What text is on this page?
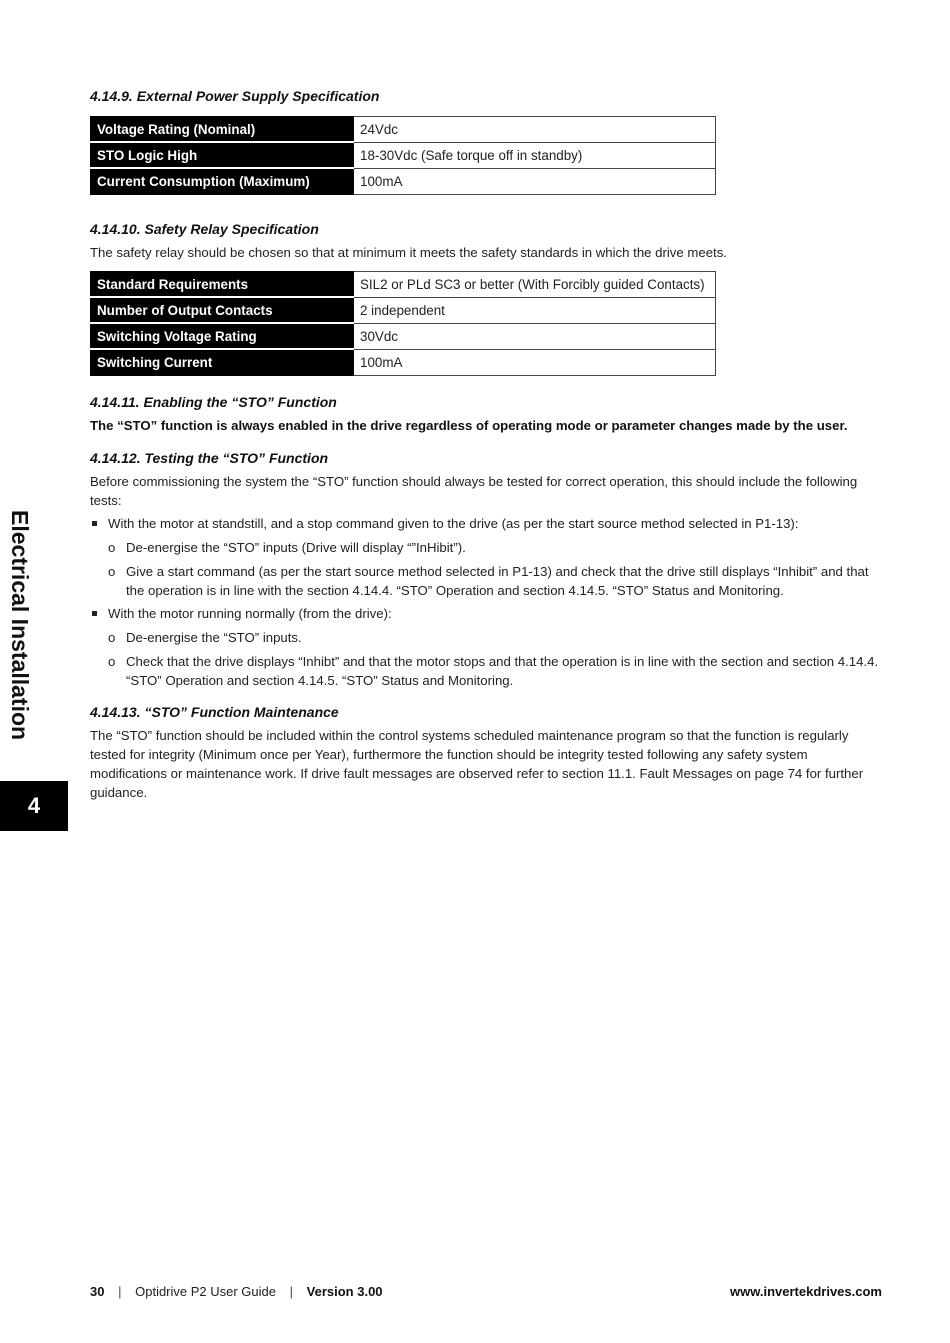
Electrical Installation
4
4.14.9. External Power Supply Specification
Voltage Rating (Nominal)	24Vdc
STO Logic High	18-30Vdc (Safe torque off in standby)
Current Consumption (Maximum)	100mA
4.14.10. Safety Relay Specification

The safety relay should be chosen so that at minimum it meets the safety standards in which the drive meets.

Standard Requirements	SIL2 or PLd SC3 or better (With Forcibly guided Contacts)
Number of Output Contacts	2 independent
Switching Voltage Rating	30Vdc
Switching Current	100mA
4.14.11. Enabling the “STO” Function

The “STO” function is always enabled in the drive regardless of operating mode or parameter changes made by the user.

4.14.12. Testing the “STO” Function

Before commissioning the system the “STO” function should always be tested for correct operation, this should include the following tests:

With the motor at standstill, and a stop command given to the drive (as per the start source method selected in P1-13):
o De-energise the “STO” inputs (Drive will display “”InHibit”).
o Give a start command (as per the start source method selected in P1-13) and check that the drive still displays “Inhibit” and that the operation is in line with the section 4.14.4. “STO” Operation and section 4.14.5. “STO” Status and Monitoring.
With the motor running normally (from the drive):
o De-energise the “STO” inputs.
o Check that the drive displays “Inhibt” and that the motor stops and that the operation is in line with the section and section 4.14.4. “STO” Operation and section 4.14.5. “STO” Status and Monitoring.
4.14.13. “STO” Function Maintenance

The “STO” function should be included within the control systems scheduled maintenance program so that the function is regularly tested for integrity (Minimum once per Year), furthermore the function should be integrity tested following any safety system modifications or maintenance work. If drive fault messages are observed refer to section 11.1. Fault Messages on page 74 for further guidance.

30 | Optidrive P2 User Guide | Version 3.00	www.invertekdrives.com
